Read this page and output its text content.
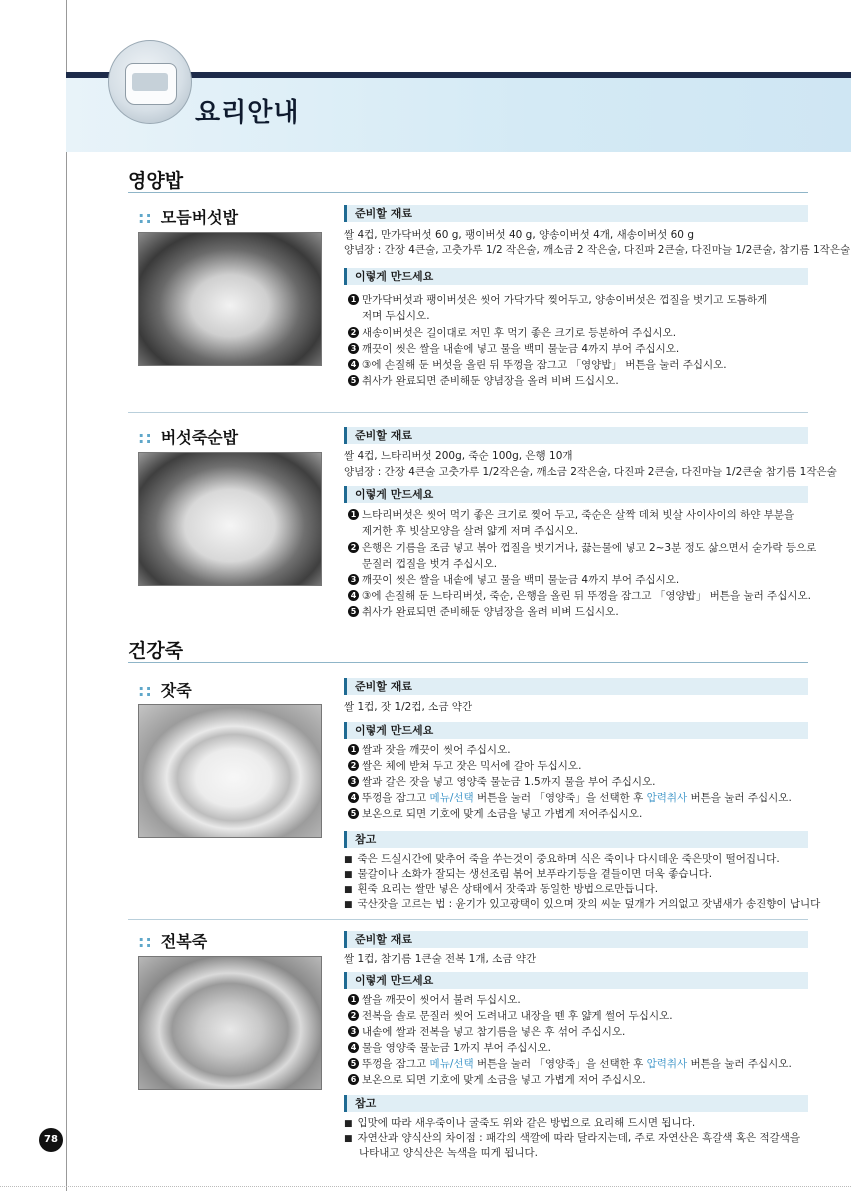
요리안내
영양밥
:: 모듬버섯밥	준비할 재료
쌀 4컵, 만가닥버섯 60 g, 팽이버섯 40 g, 양송이버섯 4개, 새송이버섯 60 g
양념장 : 간장 4큰술, 고춧가루 1/2 작은술, 깨소금 2 작은술, 다진파 2큰술, 다진마늘 1/2큰술, 참기름 1작은술
이렇게 만드세요
1 만가닥버섯과 팽이버섯은 씻어 가닥가닥 찢어두고, 양송이버섯은 껍질을 벗기고 도톰하게
저며 두십시오.
2 새송이버섯은 길이대로 저민 후 먹기 좋은 크기로 등분하여 주십시오.
3 깨끗이 씻은 쌀을 내솥에 넣고 물을 백미 물눈금 4까지 부어 주십시오.
4 ③에 손질해 둔 버섯을 올린 뒤 뚜껑을 잠그고 「영양밥」 버튼을 눌러 주십시오.
5 취사가 완료되면 준비해둔 양념장을 올려 비벼 드십시오.
:: 버섯죽순밥	준비할 재료
쌀 4컵, 느타리버섯 200g, 죽순 100g, 은행 10개
양념장 : 간장 4큰술 고춧가루 1/2작은술, 깨소금 2작은술, 다진파 2큰술, 다진마늘 1/2큰술 참기름 1작은술
이렇게 만드세요
1 느타리버섯은 씻어 먹기 좋은 크기로 찢어 두고, 죽순은 살짝 데쳐 빗살 사이사이의 하얀 부분을
제거한 후 빗살모양을 살려 얇게 저며 주십시오.
2 은행은 기름을 조금 넣고 볶아 껍질을 벗기거나, 끓는물에 넣고 2~3분 정도 삶으면서 숟가락 등으로
문질러 껍질을 벗겨 주십시오.
3 깨끗이 씻은 쌀을 내솥에 넣고 물을 백미 물눈금 4까지 부어 주십시오.
4 ③에 손질해 둔 느타리버섯, 죽순, 은행을 올린 뒤 뚜껑을 잠그고 「영양밥」 버튼을 눌러 주십시오.
5 취사가 완료되면 준비해둔 양념장을 올려 비벼 드십시오.
건강죽
:: 잣죽	준비할 재료
쌀 1컵, 잣 1/2컵, 소금 약간
이렇게 만드세요
1 쌀과 잣을 깨끗이 씻어 주십시오.
2 쌀은 체에 받쳐 두고 잣은 믹서에 갈아 두십시오.
3 쌀과 갈은 잣을 넣고 영양죽 물눈금 1.5까지 물을 부어 주십시오.
4 뚜껑을 잠그고 메뉴/선택 버튼을 눌러 「영양죽」을 선택한 후 압력취사 버튼을 눌러 주십시오.
5 보온으로 되면 기호에 맞게 소금을 넣고 가볍게 저어주십시오.
참고
■ 죽은 드실시간에 맞추어 죽을 쑤는것이 중요하며 식은 죽이나 다시데운 죽은맛이 떨어집니다.
■ 물갈이나 소화가 잘되는 생선조림 볶어 보푸라기등을 곁들이면 더욱 좋습니다.
■ 흰죽 요리는 쌀만 넣은 상태에서 잣죽과 동일한 방법으로만듭니다.
■ 국산잣을 고르는 법 : 윤기가 있고광택이 있으며 잣의 씨눈 덮개가 거의없고 잣냄새가 송진향이 납니다
:: 전복죽	준비할 재료
쌀 1컵, 참기름 1큰술 전복 1개, 소금 약간
이렇게 만드세요
1 쌀을 깨끗이 씻어서 불려 두십시오.
2 전복을 솔로 문질러 씻어 도려내고 내장을 뗀 후 얇게 썰어 두십시오.
3 내솥에 쌀과 전복을 넣고 참기름을 넣은 후 섞어 주십시오.
4 물을 영양죽 물눈금 1까지 부어 주십시오.
5 뚜껑을 잠그고 메뉴/선택 버튼을 눌러 「영양죽」을 선택한 후 압력취사 버튼을 눌러 주십시오.
6 보온으로 되면 기호에 맞게 소금을 넣고 가볍게 저어 주십시오.
참고
■ 입맛에 따라 새우죽이나 굴죽도 위와 같은 방법으로 요리해 드시면 됩니다.
■ 자연산과 양식산의 차이점 : 패각의 색깔에 따라 달라지는데, 주로 자연산은 흑갈색 혹은 적갈색을
나타내고 양식산은 녹색을 띠게 됩니다.
78
